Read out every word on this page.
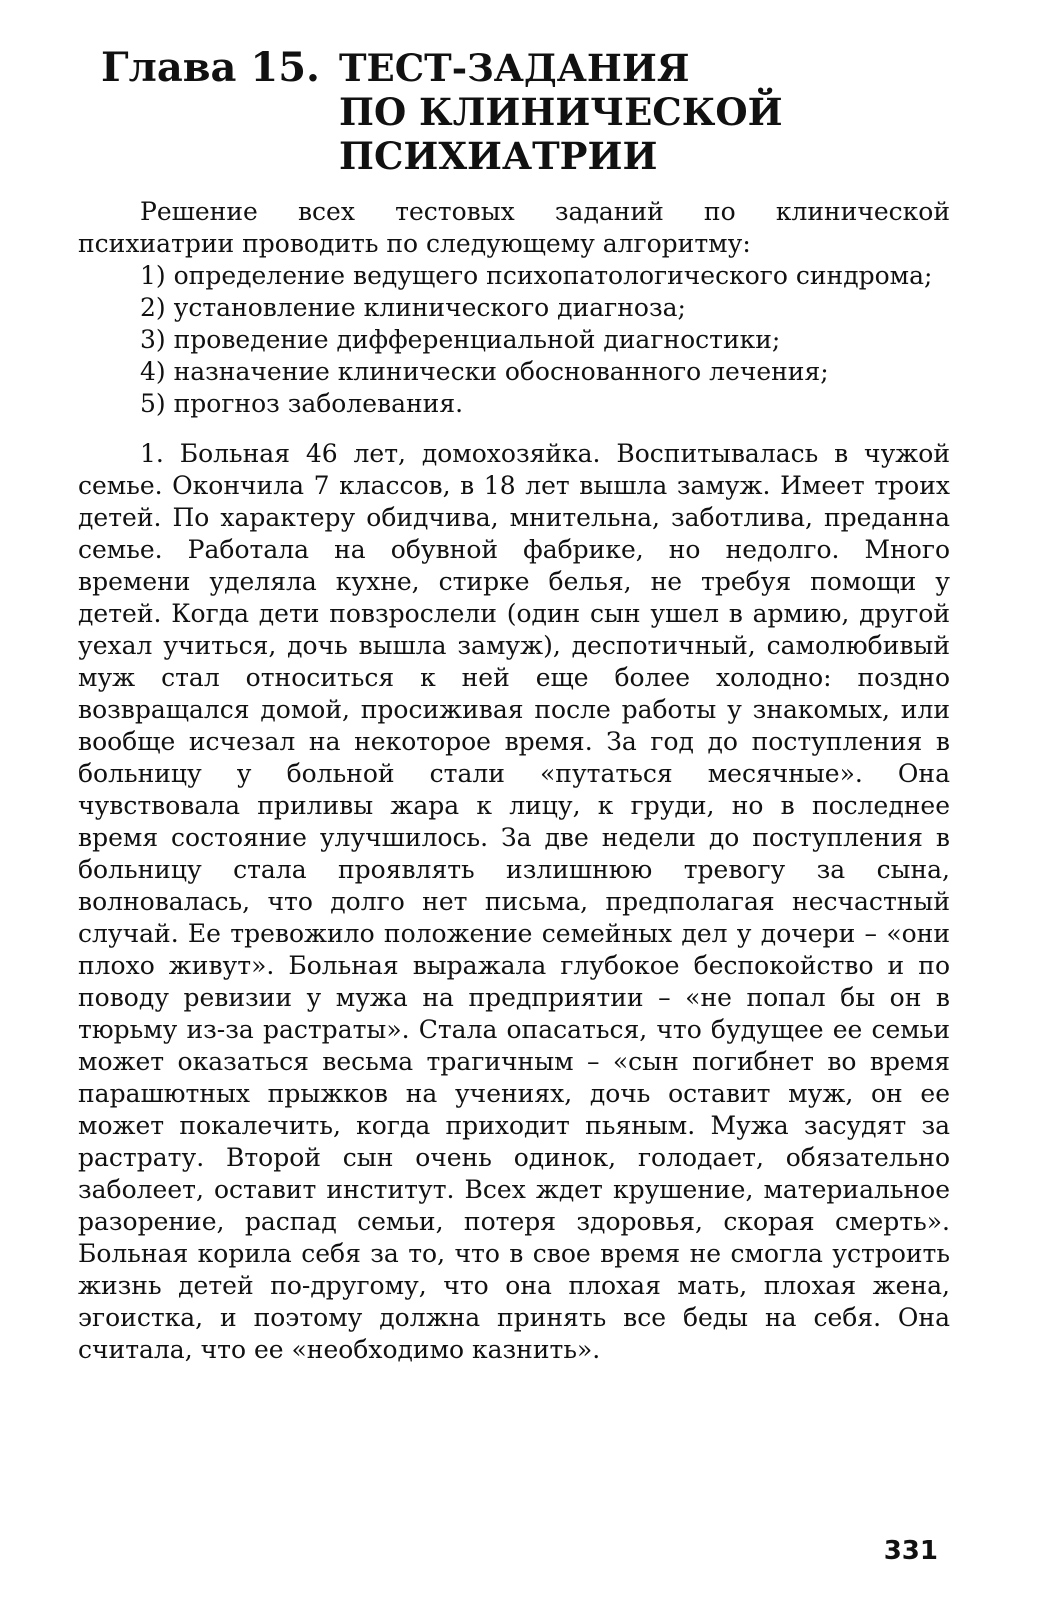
Глава 15. ТЕСТ-ЗАДАНИЯ
ПО КЛИНИЧЕСКОЙ
ПСИХИАТРИИ

Решение всех тестовых заданий по клинической психиатрии проводить по следующему алгоритму:

1) определение ведущего психопатологического синдрома;
2) установление клинического диагноза;
3) проведение дифференциальной диагностики;
4) назначение клинически обоснованного лечения;
5) прогноз заболевания.

1. Больная 46 лет, домохозяйка. Воспитывалась в чужой семье. Окончила 7 классов, в 18 лет вышла замуж. Имеет троих детей. По характеру обидчива, мнительна, заботлива, преданна семье. Работала на обувной фабрике, но недолго. Много времени уделяла кухне, стирке белья, не требуя помощи у детей. Когда дети повзрослели (один сын ушел в армию, другой уехал учиться, дочь вышла замуж), деспотичный, самолюбивый муж стал относиться к ней еще более холодно: поздно возвращался домой, просиживая после работы у знакомых, или вообще исчезал на некоторое время. За год до поступления в больницу у больной стали «путаться месячные». Она чувствовала приливы жара к лицу, к груди, но в последнее время состояние улучшилось. За две недели до поступления в больницу стала проявлять излишнюю тревогу за сына, волновалась, что долго нет письма, предполагая несчастный случай. Ее тревожило положение семейных дел у дочери – «они плохо живут». Больная выражала глубокое беспокойство и по поводу ревизии у мужа на предприятии – «не попал бы он в тюрьму из-за растраты». Стала опасаться, что будущее ее семьи может оказаться весьма трагичным – «сын погибнет во время парашютных прыжков на учениях, дочь оставит муж, он ее может покалечить, когда приходит пьяным. Мужа засудят за растрату. Второй сын очень одинок, голодает, обязательно заболеет, оставит институт. Всех ждет крушение, материальное разорение, распад семьи, потеря здоровья, скорая смерть». Больная корила себя за то, что в свое время не смогла устроить жизнь детей по-другому, что она плохая мать, плохая жена, эгоистка, и поэтому должна принять все беды на себя. Она считала, что ее «необходимо казнить».

331
